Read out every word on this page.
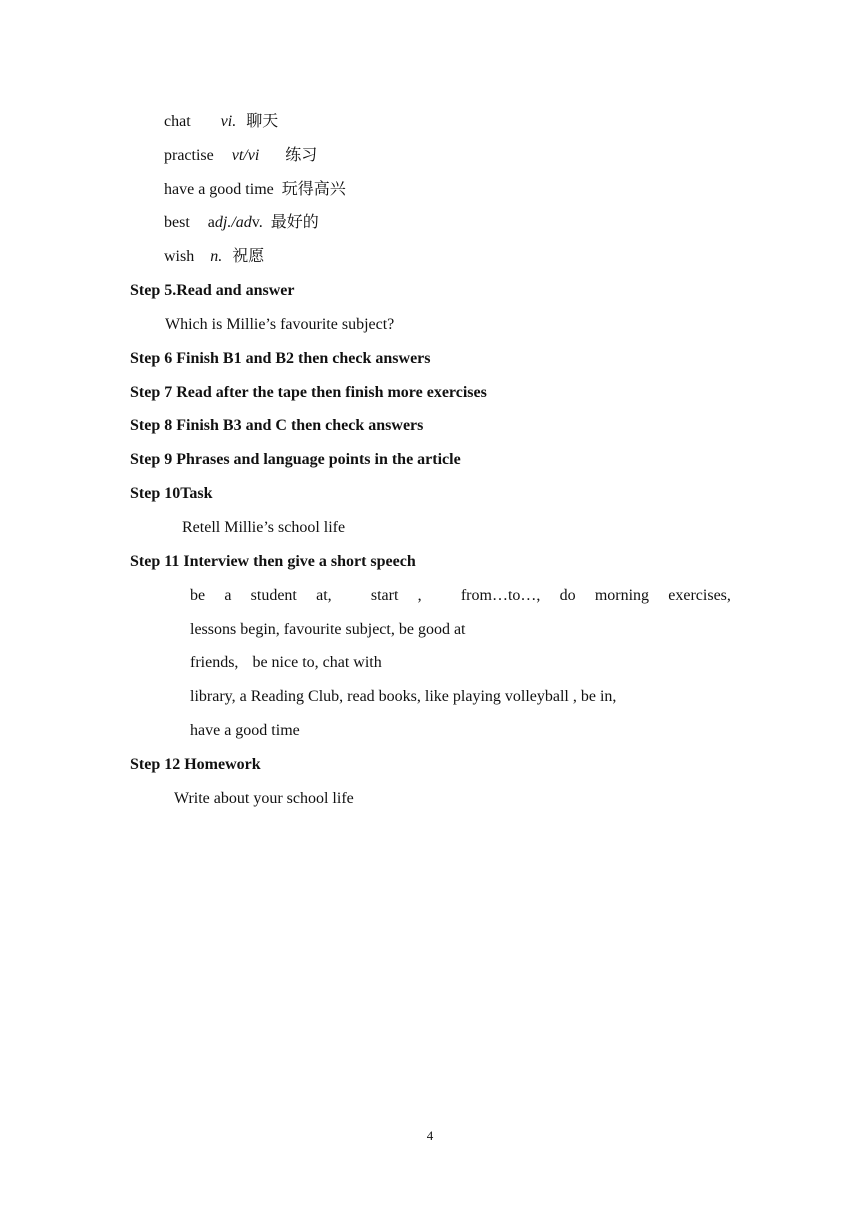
chat vi. 聊天
practise vt/vi 练习
have a good time 玩得高兴
best adj./adv. 最好的
wish n. 祝愿
Step 5.Read and answer
Which is Millie’s favourite subject?
Step 6 Finish B1 and B2 then check answers
Step 7 Read after the tape then finish more exercises
Step 8 Finish B3 and C then check answers
Step 9 Phrases and language points in the article
Step 10Task
Retell Millie’s school life
Step 11 Interview then give a short speech
be a student at, start , from…to…, do morning exercises,
lessons begin, favourite subject, be good at
friends, be nice to, chat with
library, a Reading Club, read books, like playing volleyball , be in,
have a good time
Step 12 Homework
Write about your school life
4
